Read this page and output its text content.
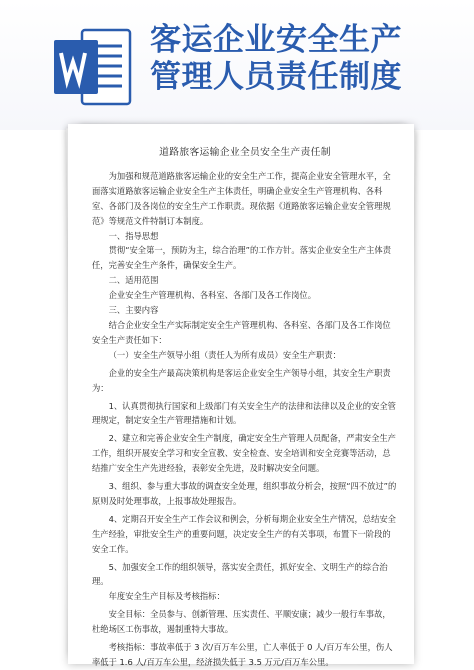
客运企业安全生产
管理人员责任制度
道路旅客运输企业全员安全生产责任制

为加强和规范道路旅客运输企业的安全生产工作，提高企业安全管理水平，全面落实道路旅客运输企业安全生产主体责任，明确企业安全生产管理机构、各科室、各部门及各岗位的安全生产工作职责。现依据《道路旅客运输企业安全管理规范》等规范文件特制订本制度。

一、指导思想

贯彻“安全第一，预防为主，综合治理”的工作方针。落实企业安全生产主体责任，完善安全生产条件，确保安全生产。

二、适用范围

企业安全生产管理机构、各科室、各部门及各工作岗位。

三、主要内容

结合企业安全生产实际制定安全生产管理机构、各科室、各部门及各工作岗位安全生产责任如下：

（一）安全生产领导小组（责任人为所有成员）安全生产职责：

企业的安全生产最高决策机构是客运企业安全生产领导小组，其安全生产职责为：

1、认真贯彻执行国家和上级部门有关安全生产的法律和法律以及企业的安全管理规定，制定安全生产管理措施和计划。

2、建立和完善企业安全生产制度，确定安全生产管理人员配备，严肃安全生产工作，组织开展安全学习和安全宣教、安全检查、安全培训和安全竞赛等活动，总结推广安全生产先进经验，表彰安全先进，及时解决安全问题。

3、组织、参与重大事故的调查安全处理，组织事故分析会，按照“四不放过”的原则及时处理事故，上报事故处理报告。

4、定期召开安全生产工作会议和例会，分析每期企业安全生产情况，总结安全生产经验，审批安全生产的重要问题，决定安全生产的有关事项，布置下一阶段的安全工作。

5、加强安全工作的组织领导，落实安全责任，抓好安全、文明生产的综合治理。

年度安全生产目标及考核指标：

安全目标：全员参与、创新管理、压实责任、平顺安康；减少一般行车事故，杜绝场区工伤事故，遏制重特大事故。

考核指标：事故率低于 3 次/百万车公里，亡人率低于 0 人/百万车公里，伤人率低于 1.6 人/百万车公里，经济损失低于 3.5 万元/百万车公里。
